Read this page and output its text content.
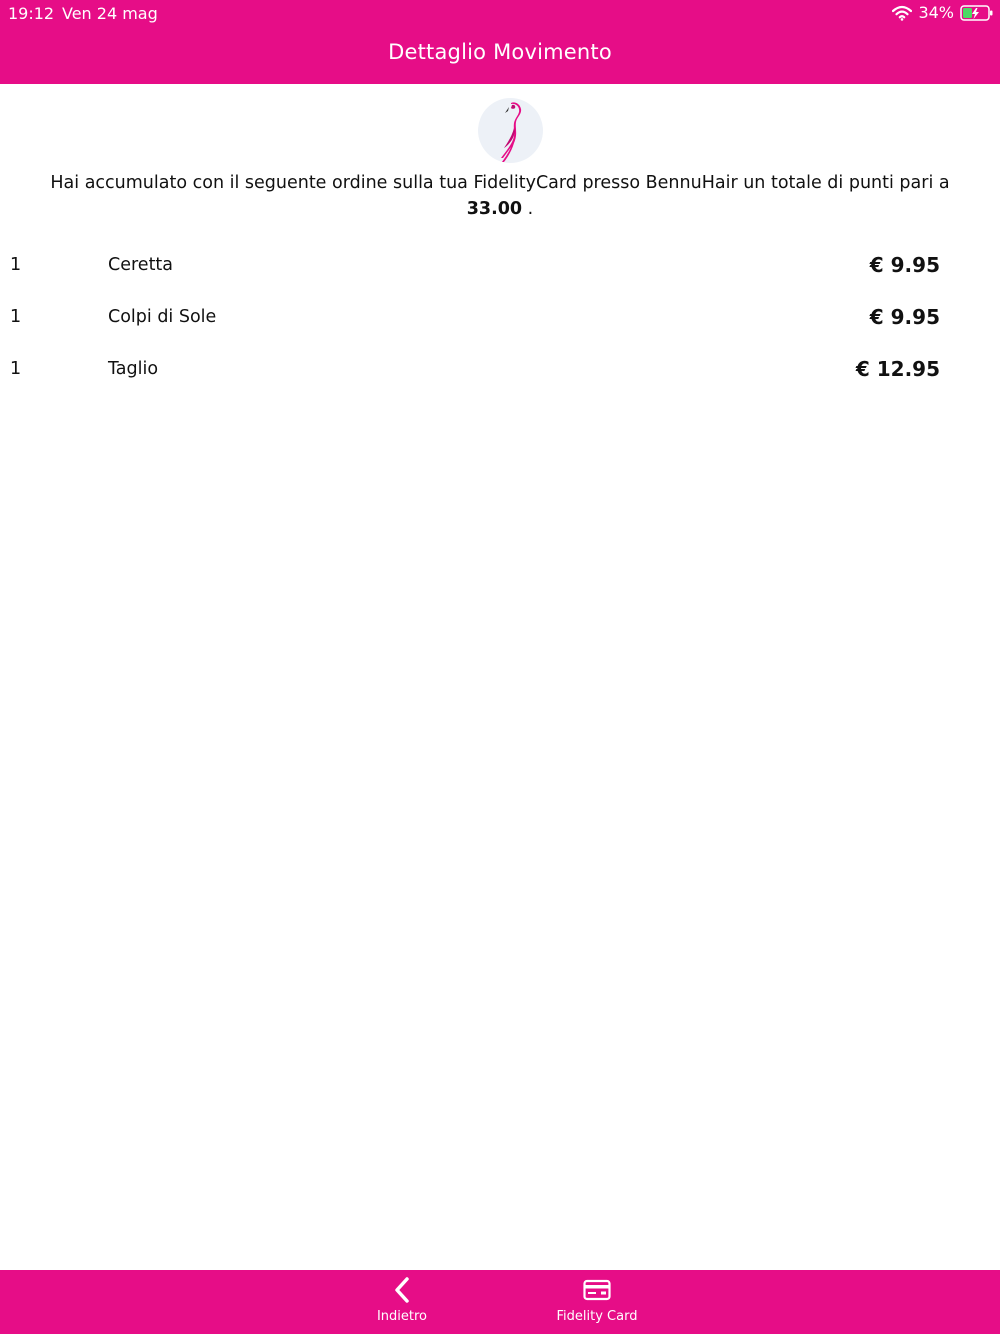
19:12 Ven 24 mag	34%
Dettaglio Movimento
Hai accumulato con il seguente ordine sulla tua FidelityCard presso BennuHair un totale di punti pari a
33.00 .
1	Ceretta	€ 9.95
1	Colpi di Sole	€ 9.95
1	Taglio	€ 12.95
Indietro	Fidelity Card
